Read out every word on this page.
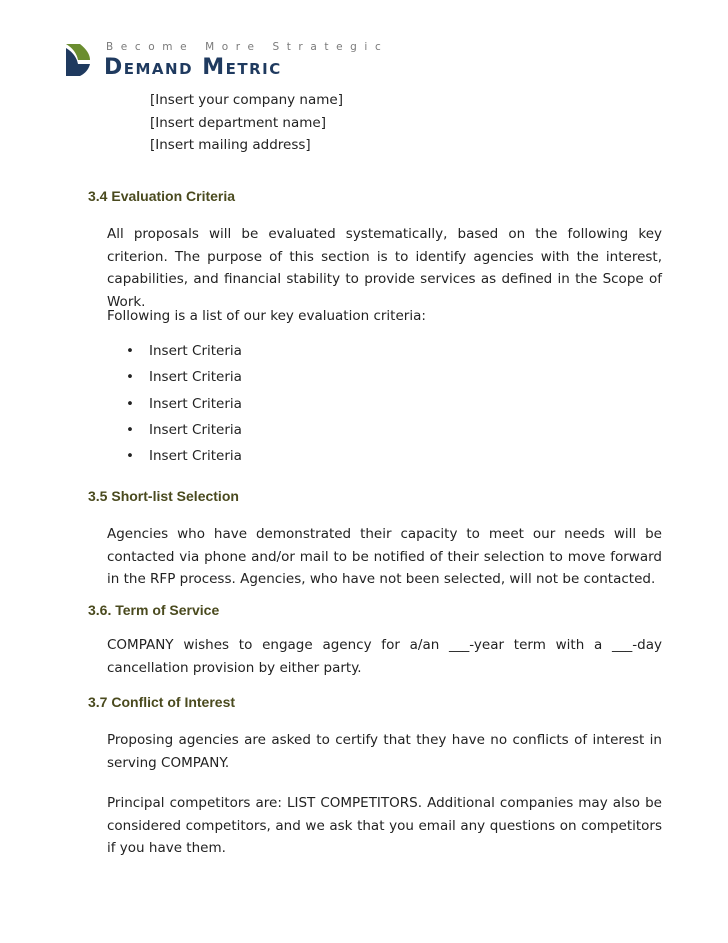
Become More Strategic
Demand Metric
[Insert your company name]
[Insert department name]
[Insert mailing address]
3.4 Evaluation Criteria
All proposals will be evaluated systematically, based on the following key criterion. The purpose of this section is to identify agencies with the interest, capabilities, and financial stability to provide services as defined in the Scope of Work.
Following is a list of our key evaluation criteria:
•	Insert Criteria
•	Insert Criteria
•	Insert Criteria
•	Insert Criteria
•	Insert Criteria
3.5 Short-list Selection
Agencies who have demonstrated their capacity to meet our needs will be contacted via phone and/or mail to be notified of their selection to move forward in the RFP process. Agencies, who have not been selected, will not be contacted.
3.6. Term of Service
COMPANY wishes to engage agency for a/an ___-year term with a ___-day cancellation provision by either party.
3.7 Conflict of Interest
Proposing agencies are asked to certify that they have no conflicts of interest in serving COMPANY.
Principal competitors are: LIST COMPETITORS. Additional companies may also be considered competitors, and we ask that you email any questions on competitors if you have them.
